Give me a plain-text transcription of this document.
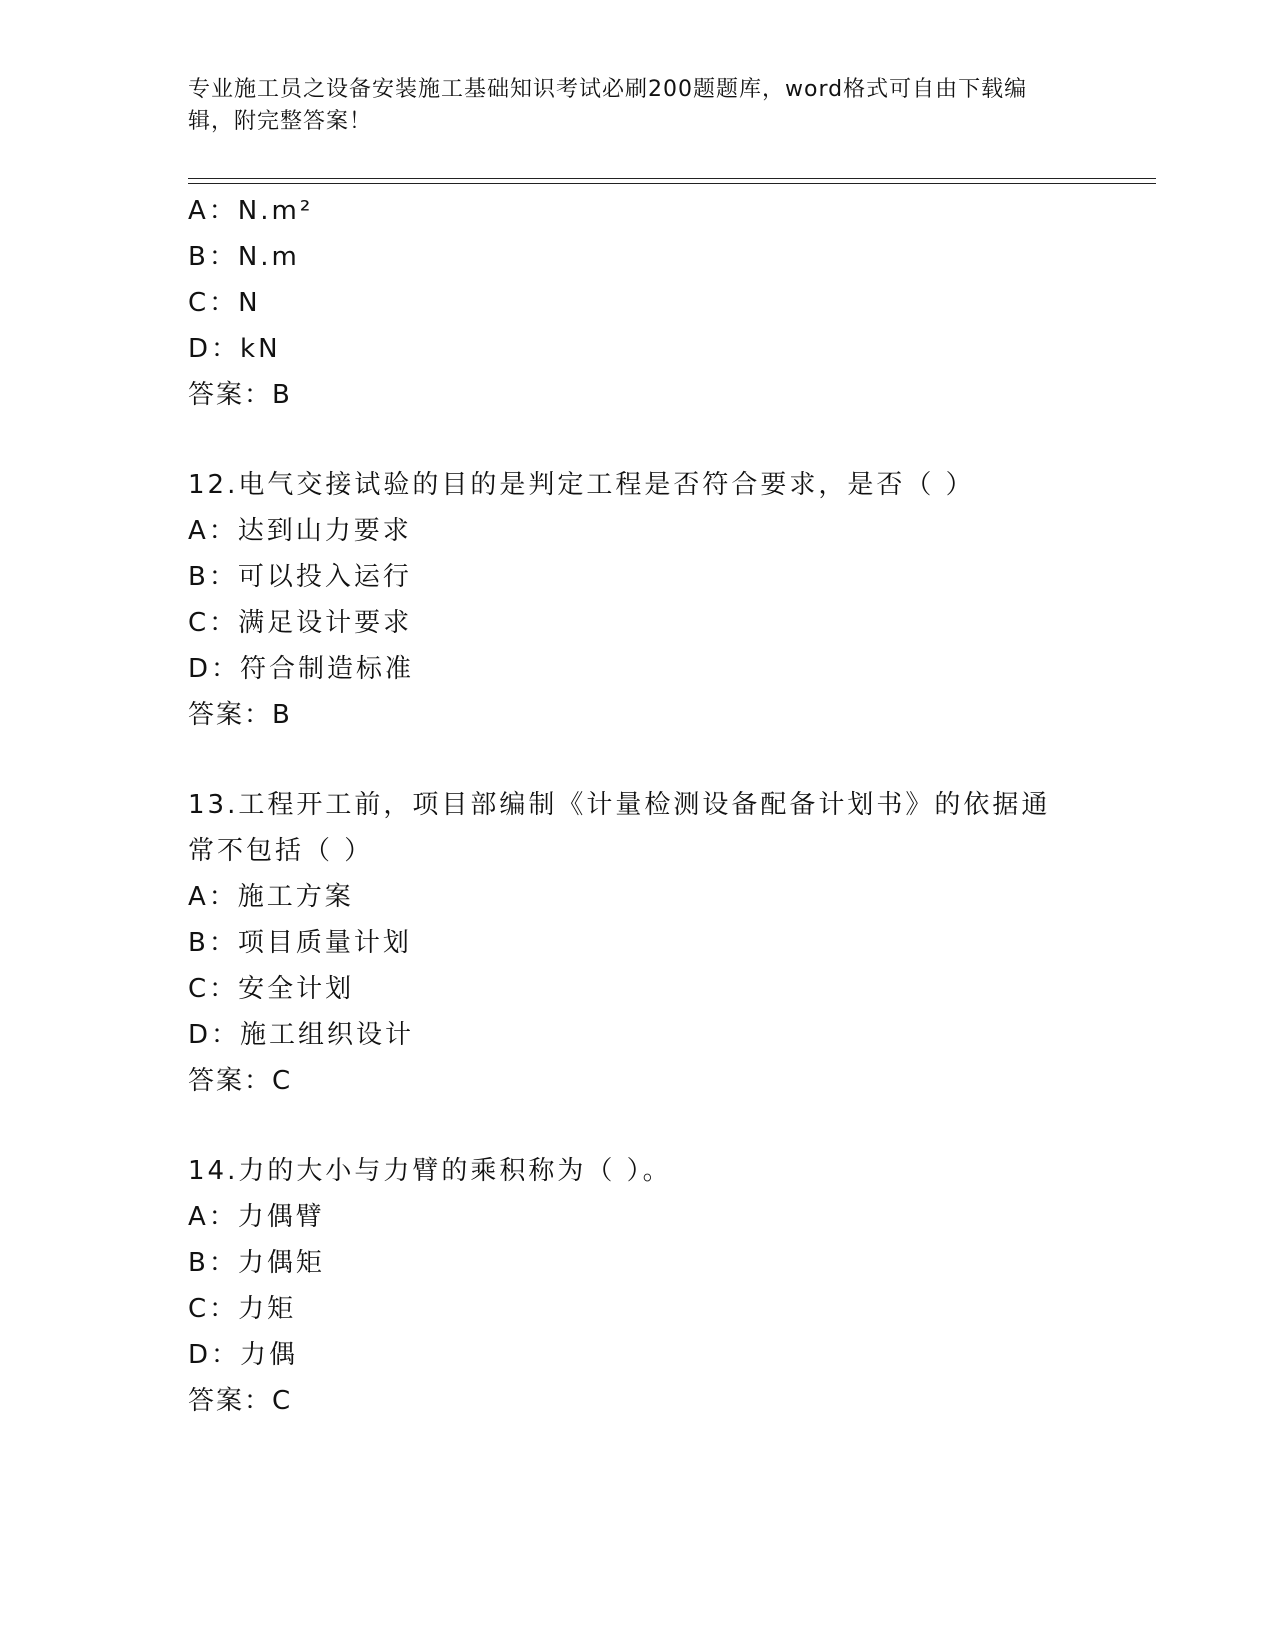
专业施工员之设备安装施工基础知识考试必刷200题题库，word格式可自由下载编辑，附完整答案！
A：N.m²
B：N.m
C：N
D：kN
答案：B
12.电气交接试验的目的是判定工程是否符合要求，是否（ ）
A：达到山力要求
B：可以投入运行
C：满足设计要求
D：符合制造标准
答案：B
13.工程开工前，项目部编制《计量检测设备配备计划书》的依据通常不包括（ ）
A：施工方案
B：项目质量计划
C：安全计划
D：施工组织设计
答案：C
14.力的大小与力臂的乘积称为（ ）。
A：力偶臂
B：力偶矩
C：力矩
D：力偶
答案：C
